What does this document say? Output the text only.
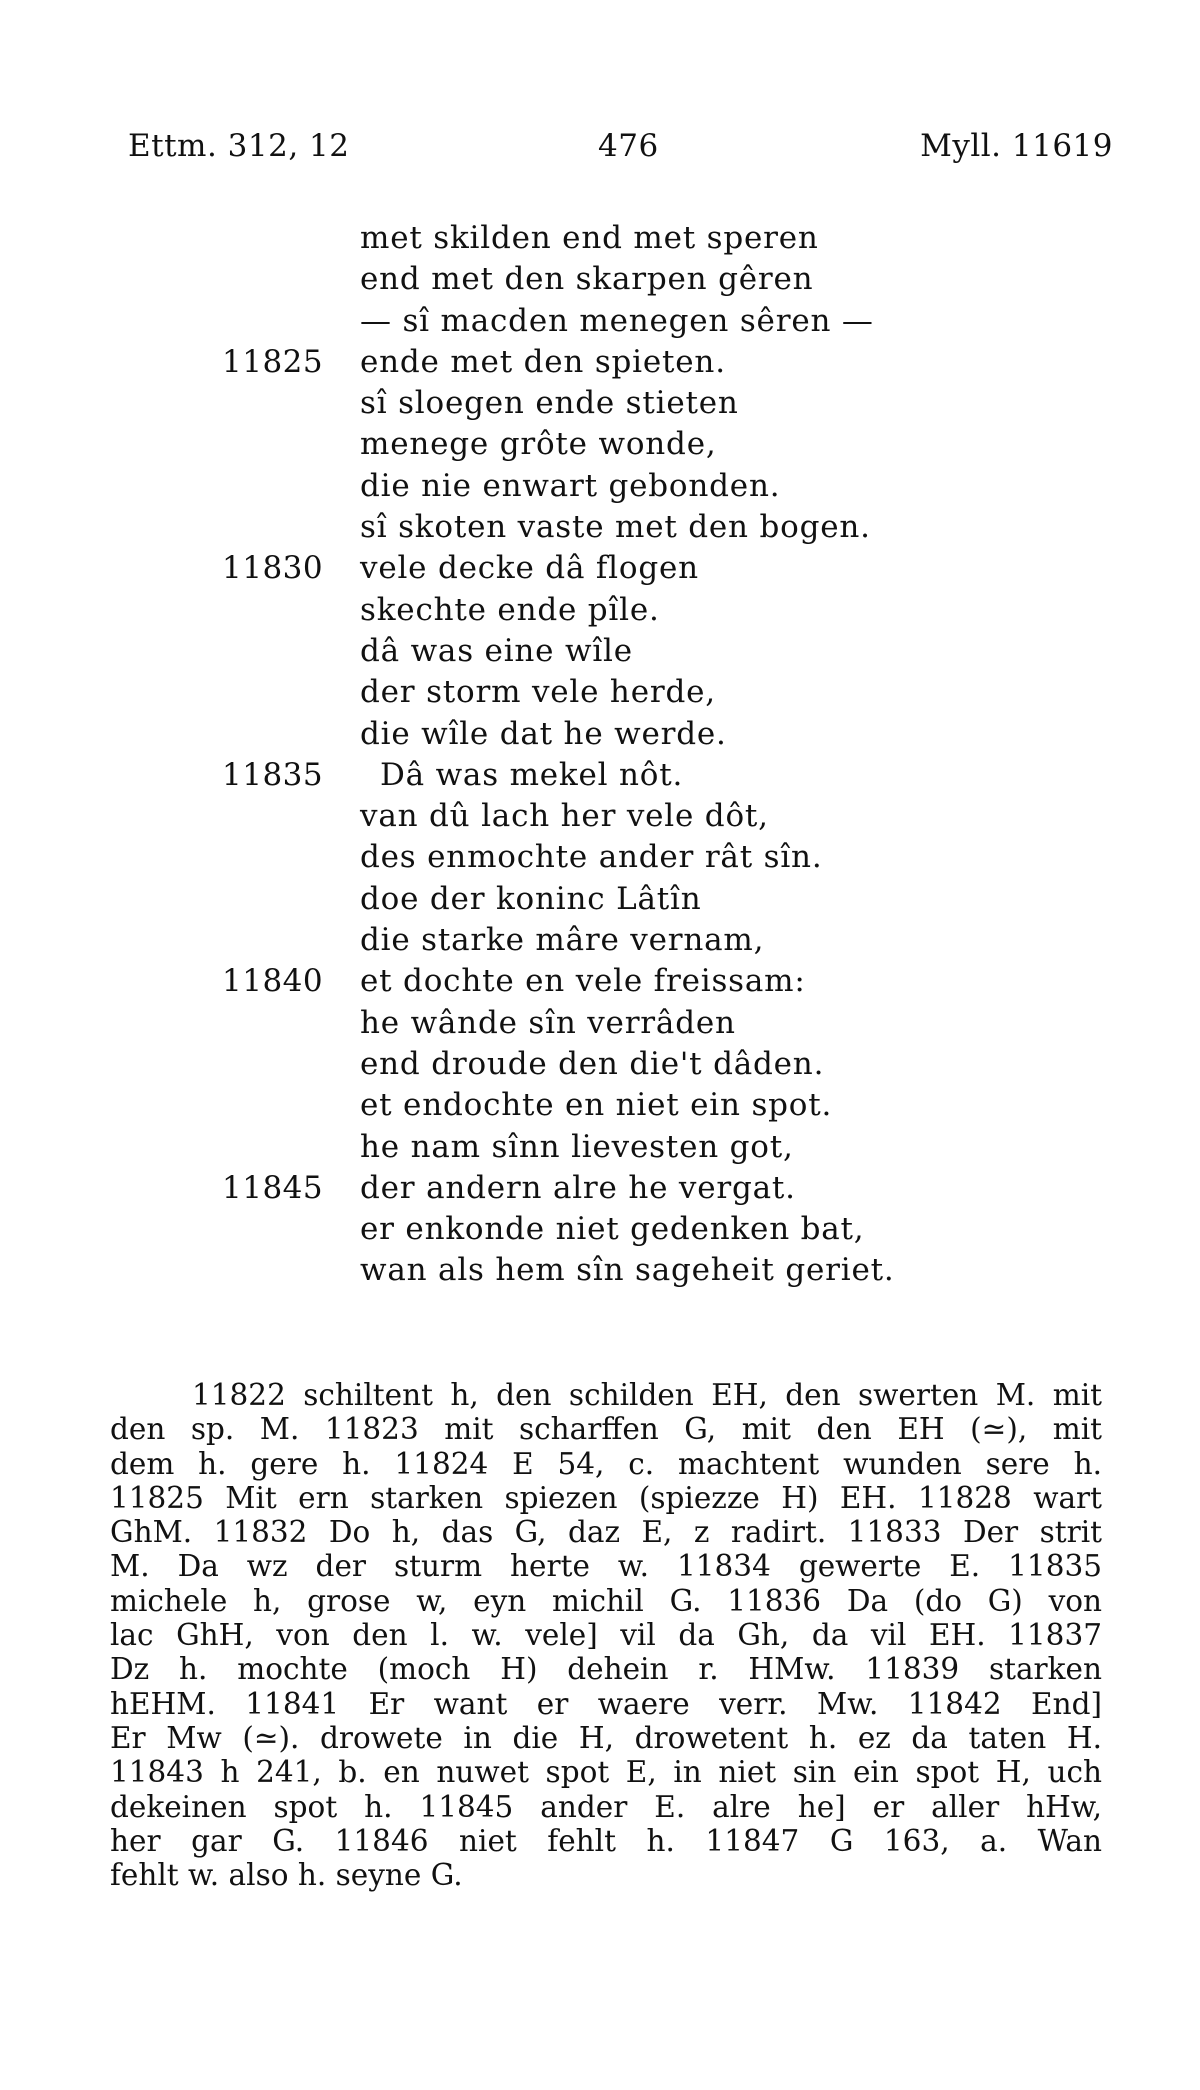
Ettm. 312, 12	476	Myll. 11619
met skilden end met speren
end met den skarpen gêren
— sî macden menegen sêren —
11825 ende met den spieten.
sî sloegen ende stieten
menege grôte wonde,
die nie enwart gebonden.
sî skoten vaste met den bogen.
11830 vele decke dâ flogen
skechte ende pîle.
dâ was eine wîle
der storm vele herde,
die wîle dat he werde.
11835 Dâ was mekel nôt.
van dû lach her vele dôt,
des enmochte ander rât sîn.
doe der koninc Lâtîn
die starke mâre vernam,
11840 et dochte en vele freissam:
he wânde sîn verrâden
end droude den die't dâden.
et endochte en niet ein spot.
he nam sînn lievesten got,
11845 der andern alre he vergat.
er enkonde niet gedenken bat,
wan als hem sîn sageheit geriet.
11822 schiltent h, den schilden EH, den swerten M. mit
den sp. M. 11823 mit scharffen G, mit den EH (≃), mit
dem h. gere h. 11824 E 54, c. machtent wunden sere h.
11825 Mit ern starken spiezen (spiezze H) EH. 11828 wart
GhM. 11832 Do h, das G, daz E, z radirt. 11833 Der strit
M. Da wz der sturm herte w. 11834 gewerte E. 11835
michele h, grose w, eyn michil G. 11836 Da (do G) von
lac GhH, von den l. w. vele] vil da Gh, da vil EH. 11837
Dz h. mochte (moch H) dehein r. HMw. 11839 starken
hEHM. 11841 Er want er waere verr. Mw. 11842 End]
Er Mw (≃). drowete in die H, drowetent h. ez da taten H.
11843 h 241, b. en nuwet spot E, in niet sin ein spot H, uch
dekeinen spot h. 11845 ander E. alre he] er aller hHw,
her gar G. 11846 niet fehlt h. 11847 G 163, a. Wan
fehlt w. also h. seyne G.
